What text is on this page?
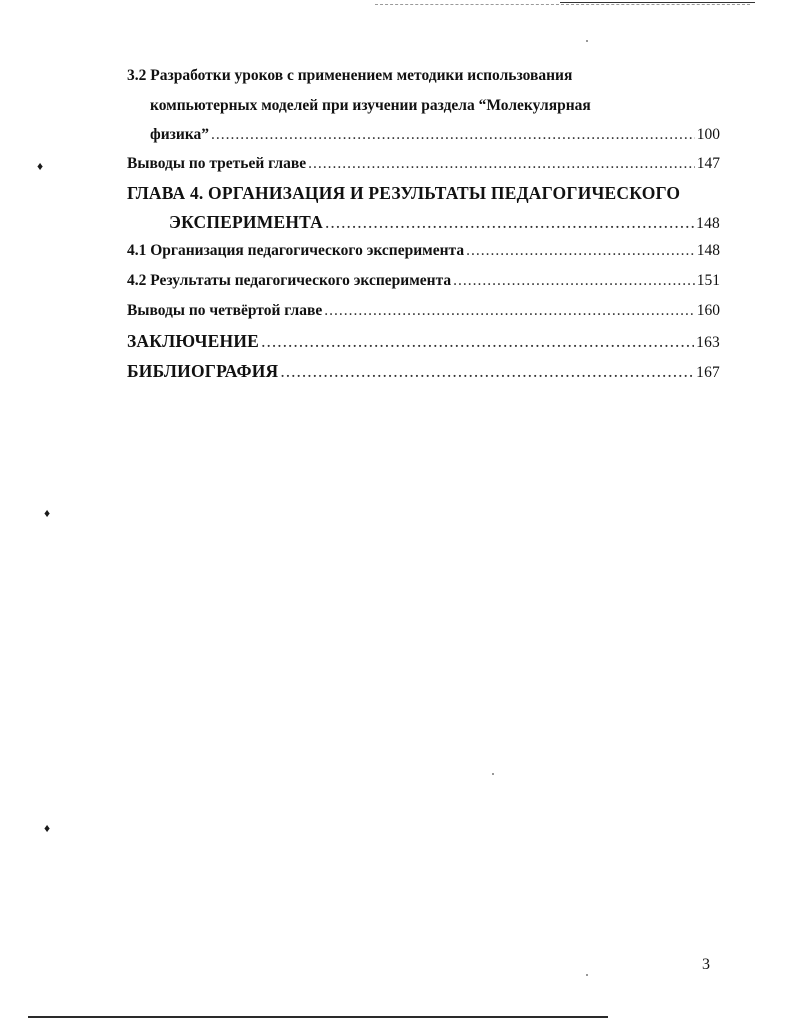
3.2 Разработки уроков с применением методики использования
компьютерных моделей при изучении раздела “Молекулярная
физика” .....	100
Выводы по третьей главе .....	147
ГЛАВА 4. ОРГАНИЗАЦИЯ И РЕЗУЛЬТАТЫ ПЕДАГОГИЧЕСКОГО
ЭКСПЕРИМЕНТА .....	148
4.1 Организация педагогического эксперимента .....	148
4.2 Результаты педагогического эксперимента .....	151
Выводы по четвёртой главе .....	160
ЗАКЛЮЧЕНИЕ .....	163
БИБЛИОГРАФИЯ .....	167
♦
♦
♦
3
